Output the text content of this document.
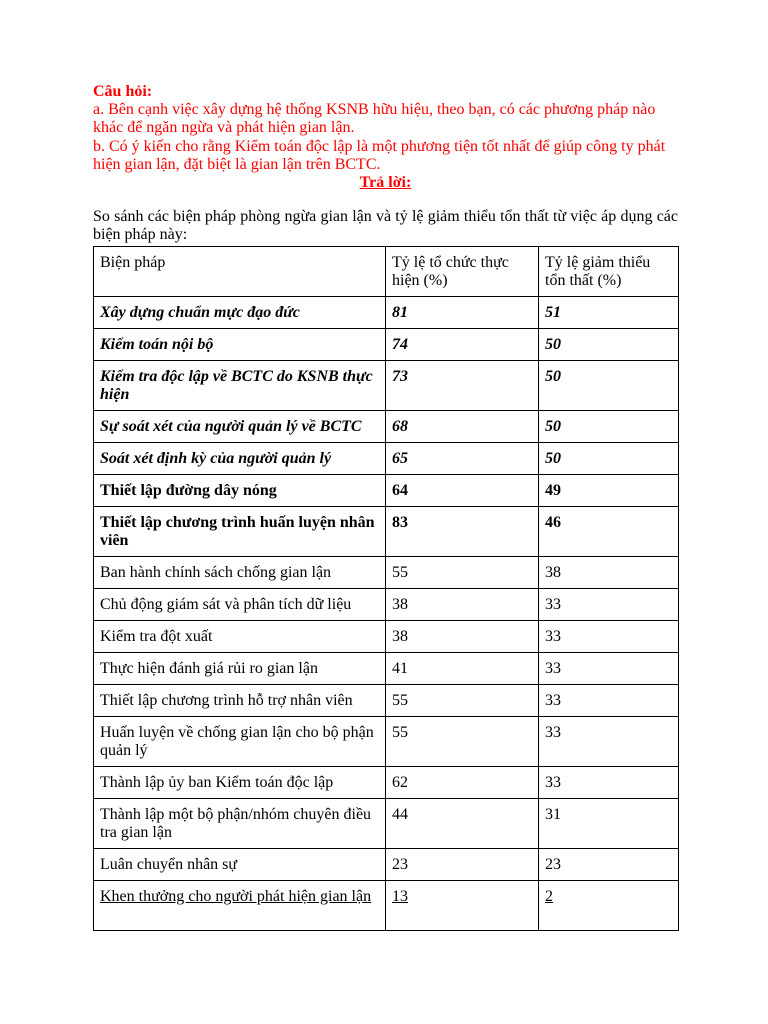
Câu hỏi:

a. Bên cạnh việc xây dựng hệ thống KSNB hữu hiệu, theo bạn, có các phương pháp nào khác để ngăn ngừa và phát hiện gian lận.

b. Có ý kiến cho rằng Kiểm toán độc lập là một phương tiện tốt nhất để giúp công ty phát hiện gian lận, đặt biệt là gian lận trên BCTC.

Trả lời:

So sánh các biện pháp phòng ngừa gian lận và tỷ lệ giảm thiểu tổn thất từ việc áp dụng các biện pháp này:

Biện pháp	Tỷ lệ tổ chức thực hiện (%)	Tỷ lệ giảm thiểu tổn thất (%)
Xây dựng chuẩn mực đạo đức	81	51
Kiểm toán nội bộ	74	50
Kiểm tra độc lập về BCTC do KSNB thực hiện	73	50
Sự soát xét của người quản lý về BCTC	68	50
Soát xét định kỳ của người quản lý	65	50
Thiết lập đường dây nóng	64	49
Thiết lập chương trình huấn luyện nhân viên	83	46
Ban hành chính sách chống gian lận	55	38
Chủ động giám sát và phân tích dữ liệu	38	33
Kiểm tra đột xuất	38	33
Thực hiện đánh giá rủi ro gian lận	41	33
Thiết lập chương trình hỗ trợ nhân viên	55	33
Huấn luyện về chống gian lận cho bộ phận quản lý	55	33
Thành lập ủy ban Kiểm toán độc lập	62	33
Thành lập một bộ phận/nhóm chuyên điều tra gian lận	44	31
Luân chuyển nhân sự	23	23
Khen thưởng cho người phát hiện gian lận	13	2
